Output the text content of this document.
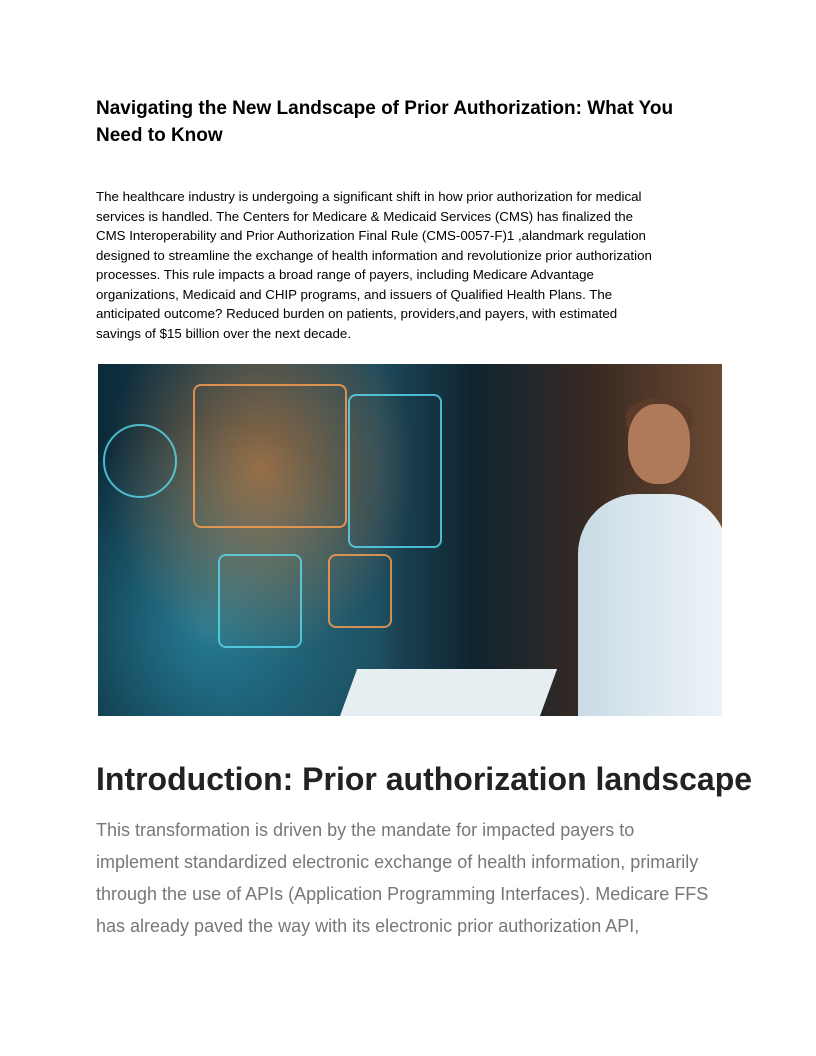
Navigating the New Landscape of Prior Authorization: What You
Need to Know

The healthcare industry is undergoing a significant shift in how prior authorization for medical
services is handled. The Centers for Medicare & Medicaid Services (CMS) has finalized the
CMS Interoperability and Prior Authorization Final Rule (CMS-0057-F)1 ,alandmark regulation
designed to streamline the exchange of health information and revolutionize prior authorization
processes. This rule impacts a broad range of payers, including Medicare Advantage
organizations, Medicaid and CHIP programs, and issuers of Qualified Health Plans. The
anticipated outcome? Reduced burden on patients, providers,and payers, with estimated
savings of $15 billion over the next decade.

Introduction: Prior authorization landscape

This transformation is driven by the mandate for impacted payers to
implement standardized electronic exchange of health information, primarily
through the use of APIs (Application Programming Interfaces). Medicare FFS
has already paved the way with its electronic prior authorization API,
